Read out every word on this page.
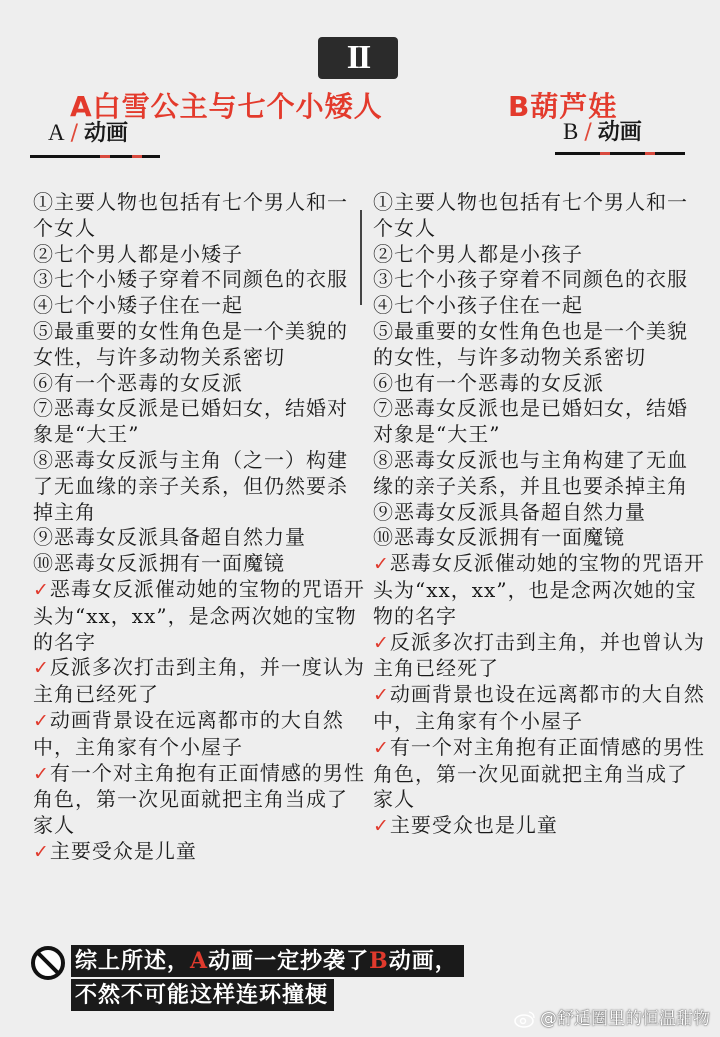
II
A白雪公主与七个小矮人	B葫芦娃
A / 动画	B / 动画
①主要人物也包括有七个男人和一个女人
②七个男人都是小矮子
③七个小矮子穿着不同颜色的衣服
④七个小矮子住在一起
⑤最重要的女性角色是一个美貌的女性，与许多动物关系密切
⑥有一个恶毒的女反派
⑦恶毒女反派是已婚妇女，结婚对象是“大王”
⑧恶毒女反派与主角（之一）构建了无血缘的亲子关系，但仍然要杀掉主角
⑨恶毒女反派具备超自然力量
⑩恶毒女反派拥有一面魔镜
✓恶毒女反派催动她的宝物的咒语开头为“xx，xx”，是念两次她的宝物的名字
✓反派多次打击到主角，并一度认为主角已经死了
✓动画背景设在远离都市的大自然中，主角家有个小屋子
✓有一个对主角抱有正面情感的男性角色，第一次见面就把主角当成了家人
✓主要受众是儿童
①主要人物也包括有七个男人和一个女人
②七个男人都是小孩子
③七个小孩子穿着不同颜色的衣服
④七个小孩子住在一起
⑤最重要的女性角色也是一个美貌的女性，与许多动物关系密切
⑥也有一个恶毒的女反派
⑦恶毒女反派也是已婚妇女，结婚对象是“大王”
⑧恶毒女反派也与主角构建了无血缘的亲子关系，并且也要杀掉主角
⑨恶毒女反派具备超自然力量
⑩恶毒女反派拥有一面魔镜
✓恶毒女反派催动她的宝物的咒语开头为“xx，xx”，也是念两次她的宝物的名字
✓反派多次打击到主角，并也曾认为主角已经死了
✓动画背景也设在远离都市的大自然中，主角家有个小屋子
✓有一个对主角抱有正面情感的男性角色，第一次见面就把主角当成了家人
✓主要受众也是儿童
综上所述，A动画一定抄袭了B动画，
不然不可能这样连环撞梗
@舒适圈里的恒温甜物
